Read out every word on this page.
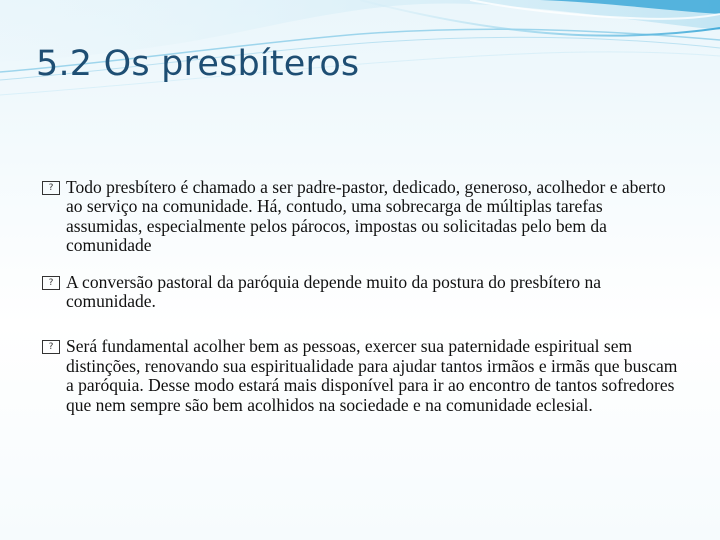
5.2 Os presbíteros
? Todo presbítero é chamado a ser padre-pastor, dedicado, generoso, acolhedor e aberto ao serviço na comunidade. Há, contudo, uma sobrecarga de múltiplas tarefas assumidas, especialmente pelos párocos, impostas ou solicitadas pelo bem da comunidade
? A conversão pastoral da paróquia depende muito da postura do presbítero na comunidade.
? Será fundamental acolher bem as pessoas, exercer sua paternidade espiritual sem distinções, renovando sua espiritualidade para ajudar tantos irmãos e irmãs que buscam a paróquia. Desse modo estará mais disponível para ir ao encontro de tantos sofredores que nem sempre são bem acolhidos na sociedade e na comunidade eclesial.
